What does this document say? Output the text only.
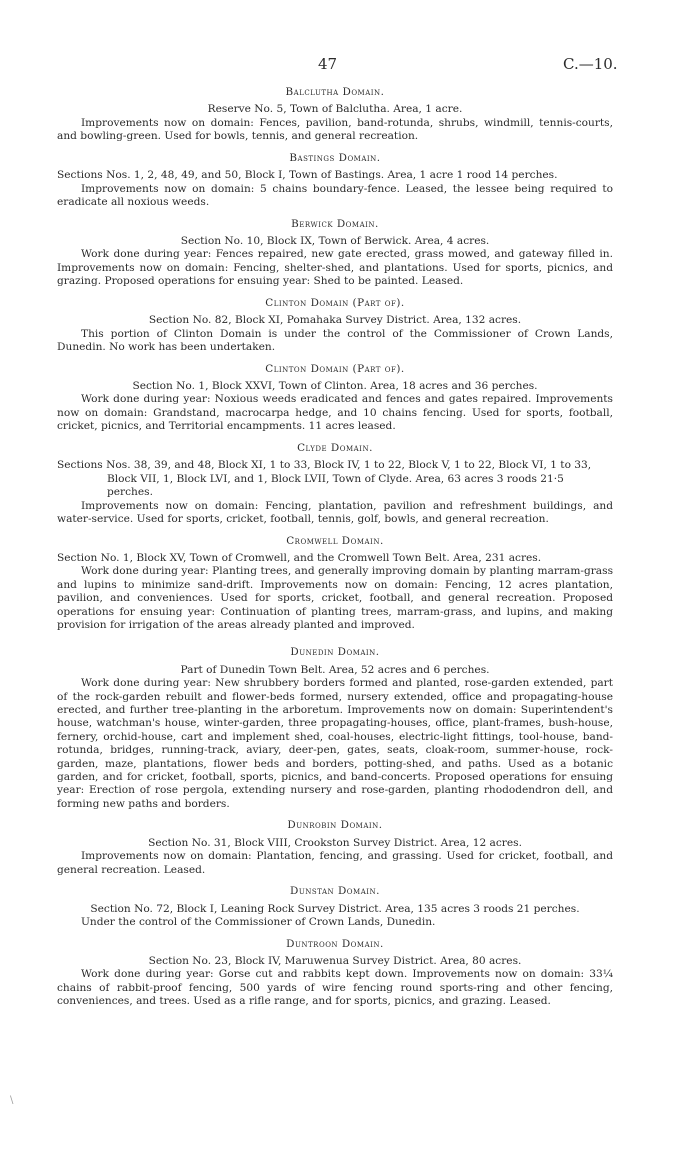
47	C.—10.
Balclutha Domain.
Reserve No. 5, Town of Balclutha. Area, 1 acre.
Improvements now on domain: Fences, pavilion, band-rotunda, shrubs, windmill, tennis-courts, and bowling-green. Used for bowls, tennis, and general recreation.
Bastings Domain.
Sections Nos. 1, 2, 48, 49, and 50, Block I, Town of Bastings. Area, 1 acre 1 rood 14 perches.
Improvements now on domain: 5 chains boundary-fence. Leased, the lessee being required to eradicate all noxious weeds.
Berwick Domain.
Section No. 10, Block IX, Town of Berwick. Area, 4 acres.
Work done during year: Fences repaired, new gate erected, grass mowed, and gateway filled in. Improvements now on domain: Fencing, shelter-shed, and plantations. Used for sports, picnics, and grazing. Proposed operations for ensuing year: Shed to be painted. Leased.
Clinton Domain (Part of).
Section No. 82, Block XI, Pomahaka Survey District. Area, 132 acres.
This portion of Clinton Domain is under the control of the Commissioner of Crown Lands, Dunedin. No work has been undertaken.
Clinton Domain (Part of).
Section No. 1, Block XXVI, Town of Clinton. Area, 18 acres and 36 perches.
Work done during year: Noxious weeds eradicated and fences and gates repaired. Improvements now on domain: Grandstand, macrocarpa hedge, and 10 chains fencing. Used for sports, football, cricket, picnics, and Territorial encampments. 11 acres leased.
Clyde Domain.
Sections Nos. 38, 39, and 48, Block XI, 1 to 33, Block IV, 1 to 22, Block V, 1 to 22, Block VI, 1 to 33, Block VII, 1, Block LVI, and 1, Block LVII, Town of Clyde. Area, 63 acres 3 roods 21·5 perches.
Improvements now on domain: Fencing, plantation, pavilion and refreshment buildings, and water-service. Used for sports, cricket, football, tennis, golf, bowls, and general recreation.
Cromwell Domain.
Section No. 1, Block XV, Town of Cromwell, and the Cromwell Town Belt. Area, 231 acres.
Work done during year: Planting trees, and generally improving domain by planting marram-grass and lupins to minimize sand-drift. Improvements now on domain: Fencing, 12 acres plantation, pavilion, and conveniences. Used for sports, cricket, football, and general recreation. Proposed operations for ensuing year: Continuation of planting trees, marram-grass, and lupins, and making provision for irrigation of the areas already planted and improved.
Dunedin Domain.
Part of Dunedin Town Belt. Area, 52 acres and 6 perches.
Work done during year: New shrubbery borders formed and planted, rose-garden extended, part of the rock-garden rebuilt and flower-beds formed, nursery extended, office and propagating-house erected, and further tree-planting in the arboretum. Improvements now on domain: Superintendent's house, watchman's house, winter-garden, three propagating-houses, office, plant-frames, bush-house, fernery, orchid-house, cart and implement shed, coal-houses, electric-light fittings, tool-house, band-rotunda, bridges, running-track, aviary, deer-pen, gates, seats, cloak-room, summer-house, rock-garden, maze, plantations, flower beds and borders, potting-shed, and paths. Used as a botanic garden, and for cricket, football, sports, picnics, and band-concerts. Proposed operations for ensuing year: Erection of rose pergola, extending nursery and rose-garden, planting rhododendron dell, and forming new paths and borders.
Dunrobin Domain.
Section No. 31, Block VIII, Crookston Survey District. Area, 12 acres.
Improvements now on domain: Plantation, fencing, and grassing. Used for cricket, football, and general recreation. Leased.
Dunstan Domain.
Section No. 72, Block I, Leaning Rock Survey District. Area, 135 acres 3 roods 21 perches.
Under the control of the Commissioner of Crown Lands, Dunedin.
Duntroon Domain.
Section No. 23, Block IV, Maruwenua Survey District. Area, 80 acres.
Work done during year: Gorse cut and rabbits kept down. Improvements now on domain: 33¼ chains of rabbit-proof fencing, 500 yards of wire fencing round sports-ring and other fencing, conveniences, and trees. Used as a rifle range, and for sports, picnics, and grazing. Leased.
\
